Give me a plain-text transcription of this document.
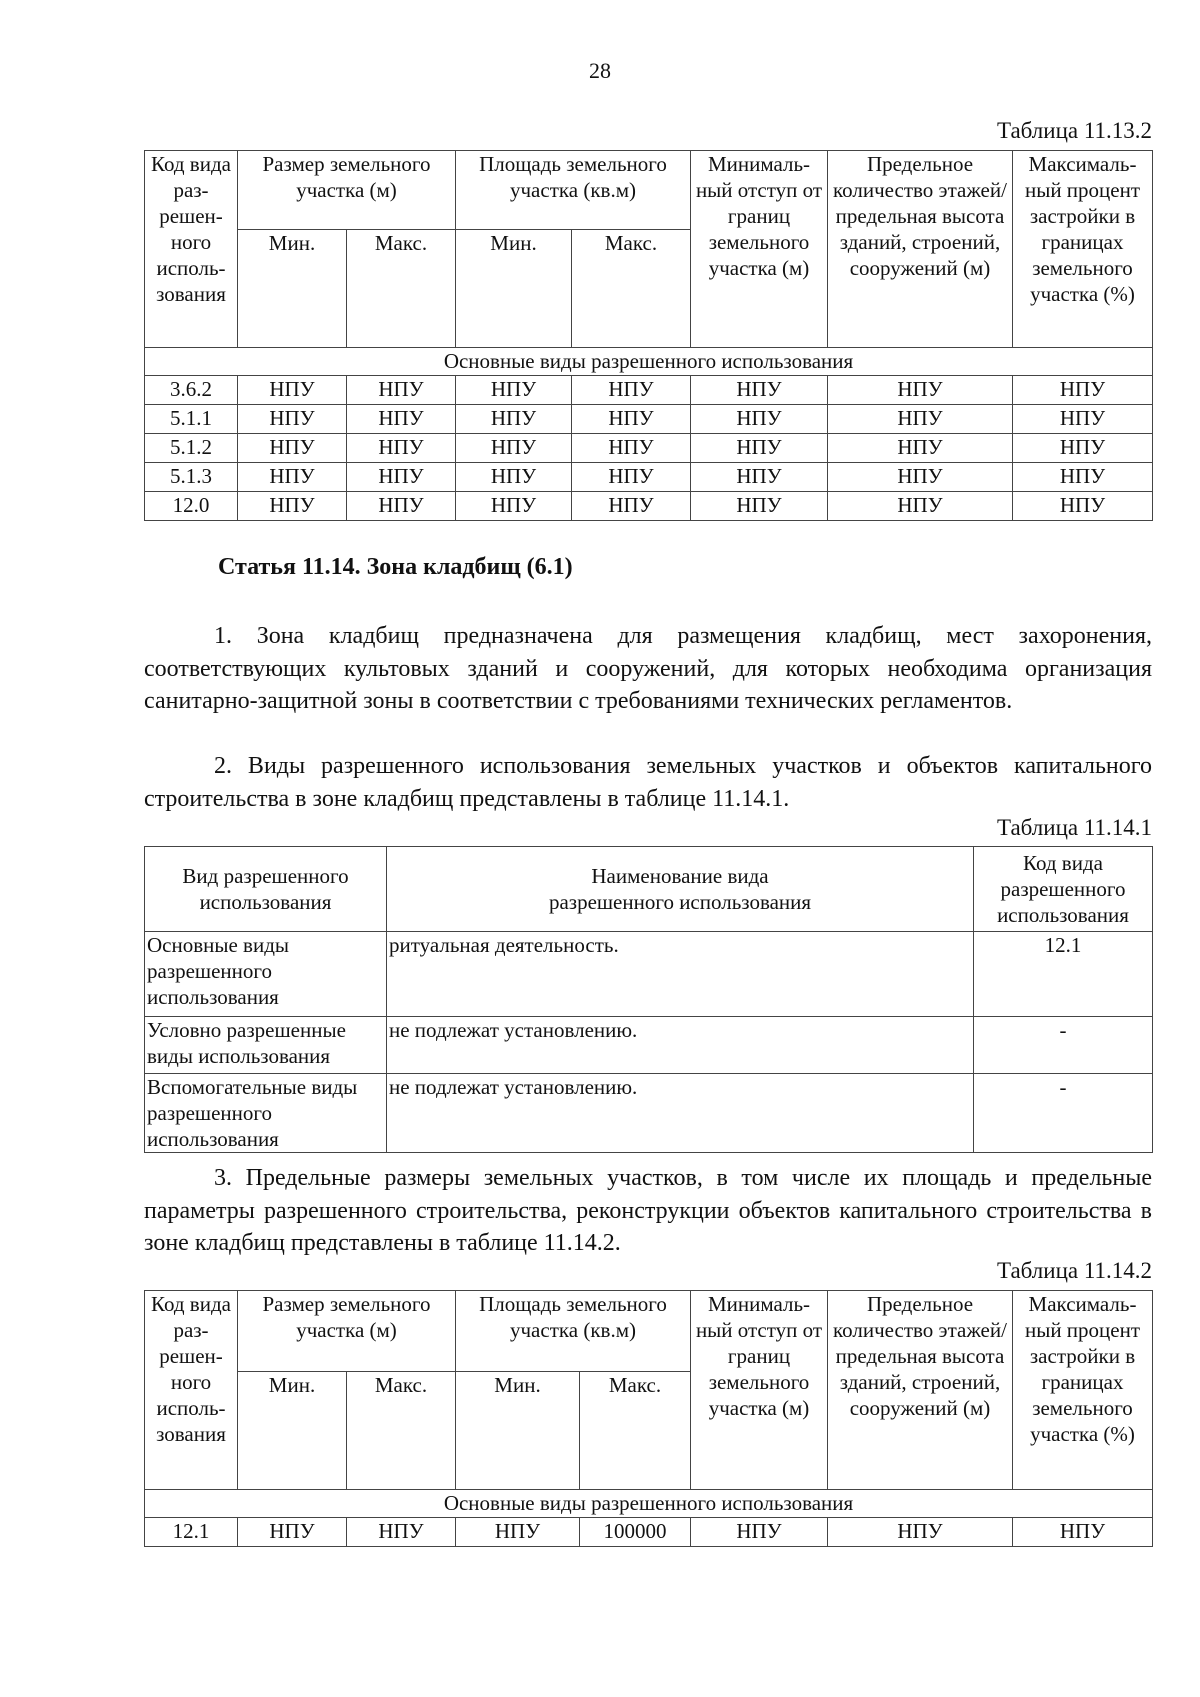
28
Таблица 11.13.2
Код вида раз-решен-ного исполь-зования	Размер земельного участка (м)		Площадь земельного участка (кв.м)		Минималь-ный отступ от границ земельного участка (м)	Предельное количество этажей/ предельная высота зданий, строений, сооружений (м)	Максималь-ный процент застройки в границах земельного участка (%)
	Мин.	Макс.	Мин.	Макс.			
Основные виды разрешенного использования							
3.6.2	НПУ	НПУ	НПУ	НПУ	НПУ	НПУ	НПУ
5.1.1	НПУ	НПУ	НПУ	НПУ	НПУ	НПУ	НПУ
5.1.2	НПУ	НПУ	НПУ	НПУ	НПУ	НПУ	НПУ
5.1.3	НПУ	НПУ	НПУ	НПУ	НПУ	НПУ	НПУ
12.0	НПУ	НПУ	НПУ	НПУ	НПУ	НПУ	НПУ
Статья 11.14. Зона кладбищ (6.1)
1. Зона кладбищ предназначена для размещения кладбищ, мест захоронения, соответствующих культовых зданий и сооружений, для которых необходима организация санитарно-защитной зоны в соответствии с требованиями технических регламентов.
2. Виды разрешенного использования земельных участков и объектов капитального строительства в зоне кладбищ представлены в таблице 11.14.1.
Таблица 11.14.1
Вид разрешенного использования	Наименование вида разрешенного использования	Код вида разрешенного использования
Основные виды разрешенного использования	ритуальная деятельность.	12.1
Условно разрешенные виды использования	не подлежат установлению.	-
Вспомогательные виды разрешенного использования	не подлежат установлению.	-
3. Предельные размеры земельных участков, в том числе их площадь и предельные параметры разрешенного строительства, реконструкции объектов капитального строительства в зоне кладбищ представлены в таблице 11.14.2.
Таблица 11.14.2
Код вида раз-решен-ного исполь-зования	Размер земельного участка (м)		Площадь земельного участка (кв.м)		Минималь-ный отступ от границ земельного участка (м)	Предельное количество этажей/ предельная высота зданий, строений, сооружений (м)	Максималь-ный процент застройки в границах земельного участка (%)
	Мин.	Макс.	Мин.	Макс.			
Основные виды разрешенного использования							
12.1	НПУ	НПУ	НПУ	100000	НПУ	НПУ	НПУ
